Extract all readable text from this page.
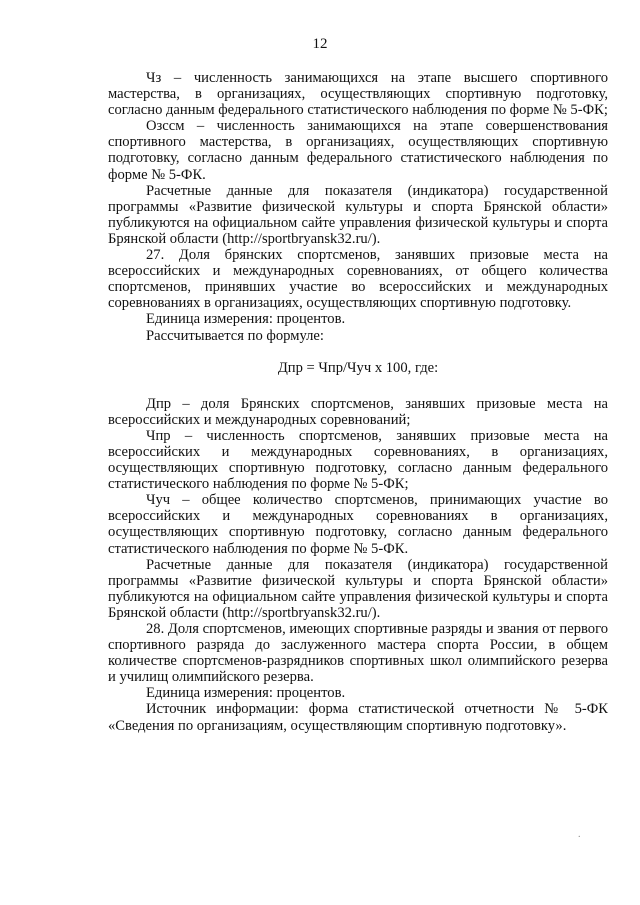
12

Чз – численность занимающихся на этапе высшего спортивного мастерства, в организациях, осуществляющих спортивную подготовку, согласно данным федерального статистического наблюдения по форме № 5-ФК;

Озссм – численность занимающихся на этапе совершенствования спортивного мастерства, в организациях, осуществляющих спортивную подготовку, согласно данным федерального статистического наблюдения по форме № 5-ФК.

Расчетные данные для показателя (индикатора) государственной программы «Развитие физической культуры и спорта Брянской области» публикуются на официальном сайте управления физической культуры и спорта Брянской области (http://sportbryansk32.ru/).

27. Доля брянских спортсменов, занявших призовые места на всероссийских и международных соревнованиях, от общего количества спортсменов, принявших участие во всероссийских и международных соревнованиях в организациях, осуществляющих спортивную подготовку.

Единица измерения: процентов.

Рассчитывается по формуле:

Дпр = Чпр/Чуч х 100, где:

Дпр – доля Брянских спортсменов, занявших призовые места на всероссийских и международных соревнований;

Чпр – численность спортсменов, занявших призовые места на всероссийских и международных соревнованиях, в организациях, осуществляющих спортивную подготовку, согласно данным федерального статистического наблюдения по форме № 5-ФК;

Чуч – общее количество спортсменов, принимающих участие во всероссийских и международных соревнованиях в организациях, осуществляющих спортивную подготовку, согласно данным федерального статистического наблюдения по форме № 5-ФК.

Расчетные данные для показателя (индикатора) государственной программы «Развитие физической культуры и спорта Брянской области» публикуются на официальном сайте управления физической культуры и спорта Брянской области (http://sportbryansk32.ru/).

28. Доля спортсменов, имеющих спортивные разряды и звания от первого спортивного разряда до заслуженного мастера спорта России, в общем количестве спортсменов-разрядников спортивных школ олимпийского резерва и училищ олимпийского резерва.

Единица измерения: процентов.

Источник информации: форма статистической отчетности № 5-ФК «Сведения по организациям, осуществляющим спортивную подготовку».

.
